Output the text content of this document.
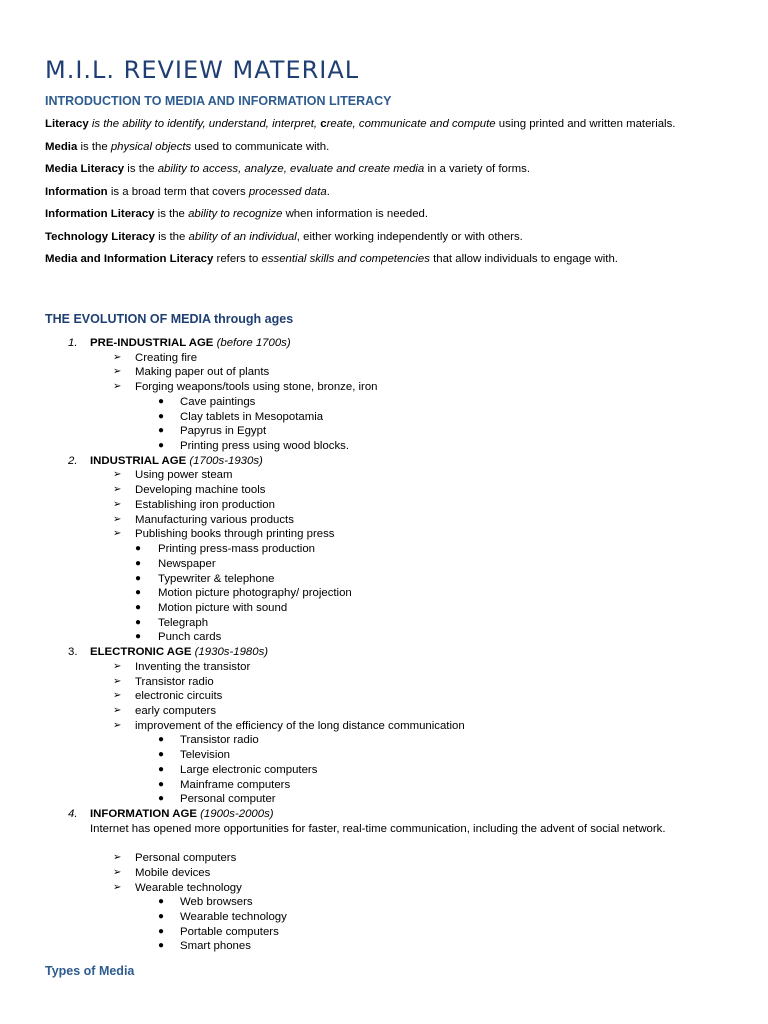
M.I.L. REVIEW MATERIAL
INTRODUCTION TO MEDIA AND INFORMATION LITERACY

Literacy is the ability to identify, understand, interpret, create, communicate and compute using printed and written materials.

Media is the physical objects used to communicate with.

Media Literacy is the ability to access, analyze, evaluate and create media in a variety of forms.

Information is a broad term that covers processed data.

Information Literacy is the ability to recognize when information is needed.

Technology Literacy is the ability of an individual, either working independently or with others.

Media and Information Literacy refers to essential skills and competencies that allow individuals to engage with.

THE EVOLUTION OF MEDIA through ages
1. PRE-INDUSTRIAL AGE (before 1700s)
➢ Creating fire
➢ Making paper out of plants
➢ Forging weapons/tools using stone, bronze, iron
● Cave paintings
● Clay tablets in Mesopotamia
● Papyrus in Egypt
● Printing press using wood blocks.
2. INDUSTRIAL AGE (1700s-1930s)
➢ Using power steam
➢ Developing machine tools
➢ Establishing iron production
➢ Manufacturing various products
➢ Publishing books through printing press
● Printing press-mass production
● Newspaper
● Typewriter & telephone
● Motion picture photography/ projection
● Motion picture with sound
● Telegraph
● Punch cards
3. ELECTRONIC AGE (1930s-1980s)
➢ Inventing the transistor
➢ Transistor radio
➢ electronic circuits
➢ early computers
➢ improvement of the efficiency of the long distance communication
● Transistor radio
● Television
● Large electronic computers
● Mainframe computers
● Personal computer
4. INFORMATION AGE (1900s-2000s)
Internet has opened more opportunities for faster, real-time communication, including the advent of social network.
➢ Personal computers
➢ Mobile devices
➢ Wearable technology
● Web browsers
● Wearable technology
● Portable computers
● Smart phones
Types of Media
